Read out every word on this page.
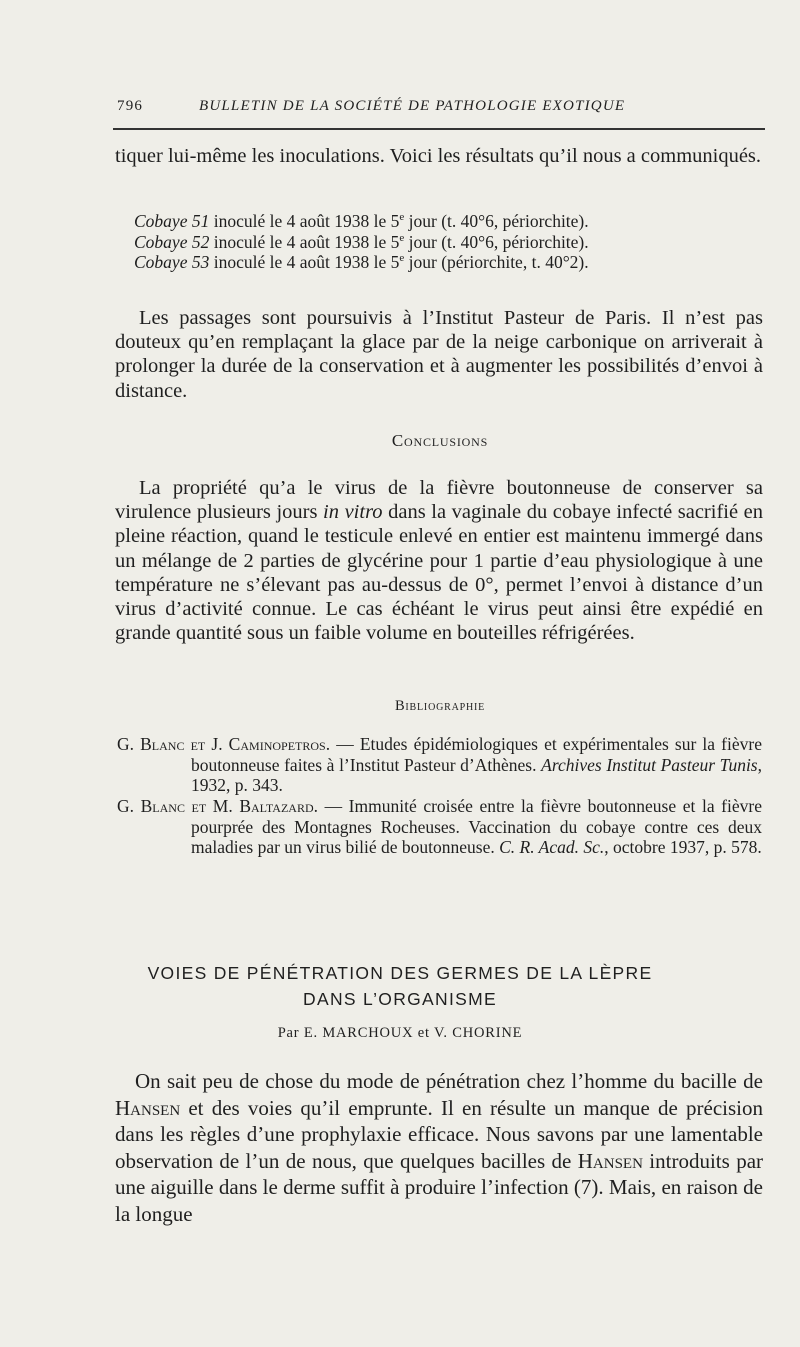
796	BULLETIN DE LA SOCIÉTÉ DE PATHOLOGIE EXOTIQUE
tiquer lui-même les inoculations. Voici les résultats qu’il nous a communiqués.
Cobaye 51 inoculé le 4 août 1938 le 5e jour (t. 40°6, périorchite).
Cobaye 52 inoculé le 4 août 1938 le 5e jour (t. 40°6, périorchite).
Cobaye 53 inoculé le 4 août 1938 le 5e jour (périorchite, t. 40°2).
Les passages sont poursuivis à l’Institut Pasteur de Paris. Il n’est pas douteux qu’en remplaçant la glace par de la neige carbonique on arriverait à prolonger la durée de la conservation et à augmenter les possibilités d’envoi à distance.
Conclusions
La propriété qu’a le virus de la fièvre boutonneuse de conserver sa virulence plusieurs jours in vitro dans la vaginale du cobaye infecté sacrifié en pleine réaction, quand le testicule enlevé en entier est maintenu immergé dans un mélange de 2 parties de glycérine pour 1 partie d’eau physiologique à une température ne s’élevant pas au-dessus de 0°, permet l’envoi à distance d’un virus d’activité connue. Le cas échéant le virus peut ainsi être expédié en grande quantité sous un faible volume en bouteilles réfrigérées.
Bibliographie
G. Blanc et J. Caminopetros. — Etudes épidémiologiques et expérimentales sur la fièvre boutonneuse faites à l’Institut Pasteur d’Athènes. Archives Institut Pasteur Tunis, 1932, p. 343.
G. Blanc et M. Baltazard. — Immunité croisée entre la fièvre boutonneuse et la fièvre pourprée des Montagnes Rocheuses. Vaccination du cobaye contre ces deux maladies par un virus bilié de boutonneuse. C. R. Acad. Sc., octobre 1937, p. 578.
VOIES DE PÉNÉTRATION DES GERMES DE LA LÈPRE
DANS L’ORGANISME
Par E. MARCHOUX et V. CHORINE
On sait peu de chose du mode de pénétration chez l’homme du bacille de Hansen et des voies qu’il emprunte. Il en résulte un manque de précision dans les règles d’une prophylaxie efficace. Nous savons par une lamentable observation de l’un de nous, que quelques bacilles de Hansen introduits par une aiguille dans le derme suffit à produire l’infection (7). Mais, en raison de la longue
